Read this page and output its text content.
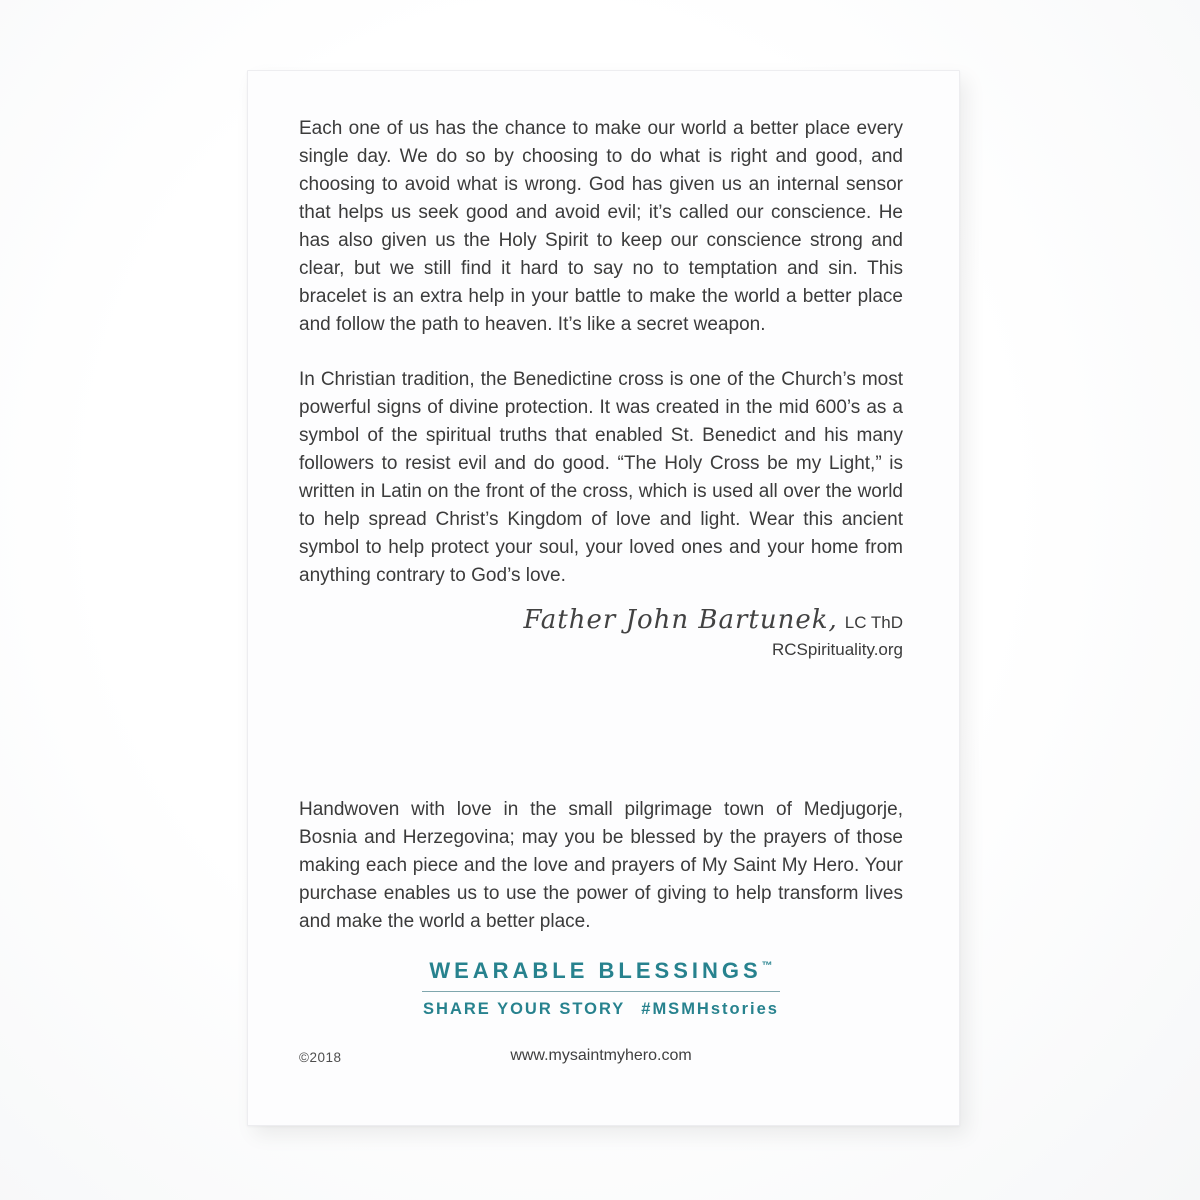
Each one of us has the chance to make our world a better place every single day. We do so by choosing to do what is right and good, and choosing to avoid what is wrong. God has given us an internal sensor that helps us seek good and avoid evil; it’s called our conscience. He has also given us the Holy Spirit to keep our conscience strong and clear, but we still find it hard to say no to temptation and sin. This bracelet is an extra help in your battle to make the world a better place and follow the path to heaven. It’s like a secret weapon.

In Christian tradition, the Benedictine cross is one of the Church’s most powerful signs of divine protection. It was created in the mid 600’s as a symbol of the spiritual truths that enabled St. Benedict and his many followers to resist evil and do good. “The Holy Cross be my Light,” is written in Latin on the front of the cross, which is used all over the world to help spread Christ’s Kingdom of love and light. Wear this ancient symbol to help protect your soul, your loved ones and your home from anything contrary to God’s love.

Father John Bartunek, LC ThD
RCSpirituality.org

Handwoven with love in the small pilgrimage town of Medjugorje, Bosnia and Herzegovina; may you be blessed by the prayers of those making each piece and the love and prayers of My Saint My Hero. Your purchase enables us to use the power of giving to help transform lives and make the world a better place.

WEARABLE BLESSINGS™
SHARE YOUR STORY #MSMHstories
©2018	www.mysaintmyhero.com
